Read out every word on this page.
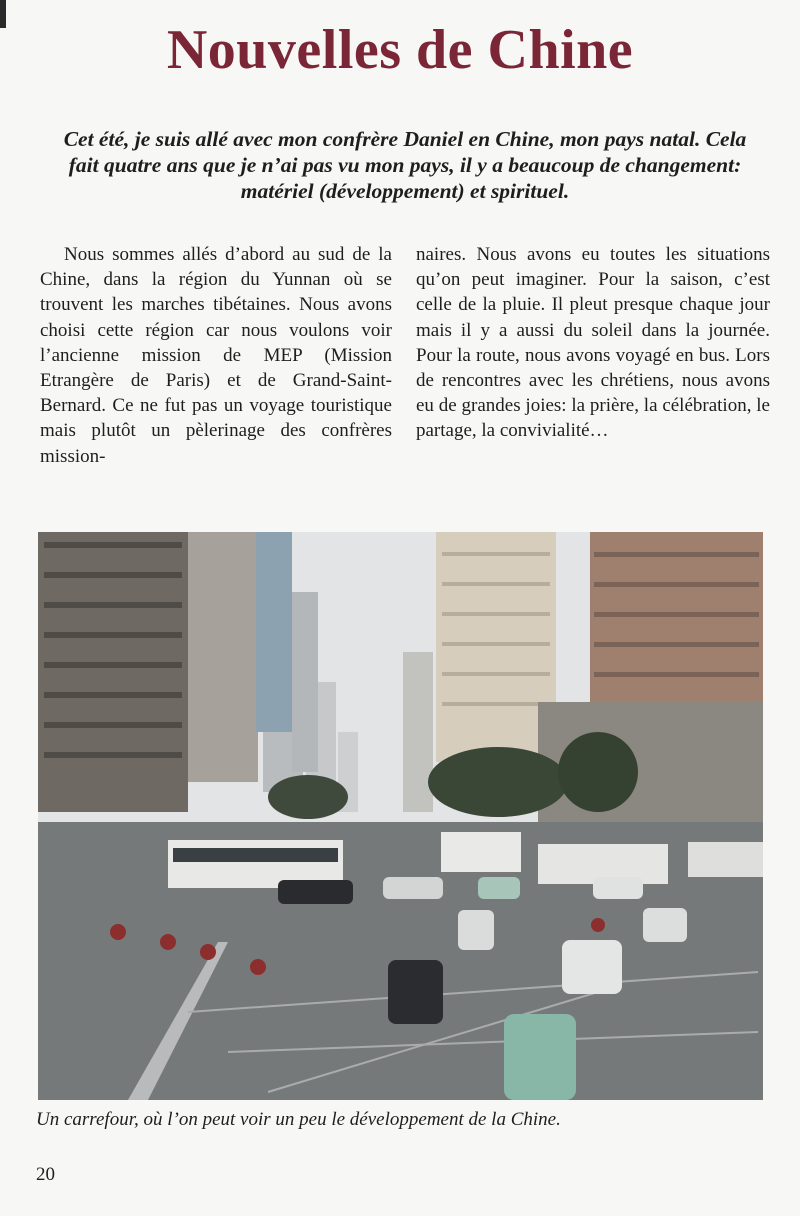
Nouvelles de Chine

Cet été, je suis allé avec mon confrère Daniel en Chine, mon pays natal. Cela fait quatre ans que je n’ai pas vu mon pays, il y a beaucoup de changement: matériel (développement) et spirituel.

Nous sommes allés d’abord au sud de la Chine, dans la région du Yunnan où se trouvent les marches tibétaines. Nous avons choisi cette région car nous voulons voir l’ancienne mission de MEP (Mission Etrangère de Paris) et de Grand-Saint-Bernard. Ce ne fut pas un voyage touristique mais plutôt un pèlerinage des confrères mission-

naires. Nous avons eu toutes les situations qu’on peut imaginer. Pour la saison, c’est celle de la pluie. Il pleut presque chaque jour mais il y a aussi du soleil dans la journée. Pour la route, nous avons voyagé en bus. Lors de rencontres avec les chrétiens, nous avons eu de grandes joies: la prière, la célébration, le partage, la convivialité…

Un carrefour, où l’on peut voir un peu le développement de la Chine.

20
